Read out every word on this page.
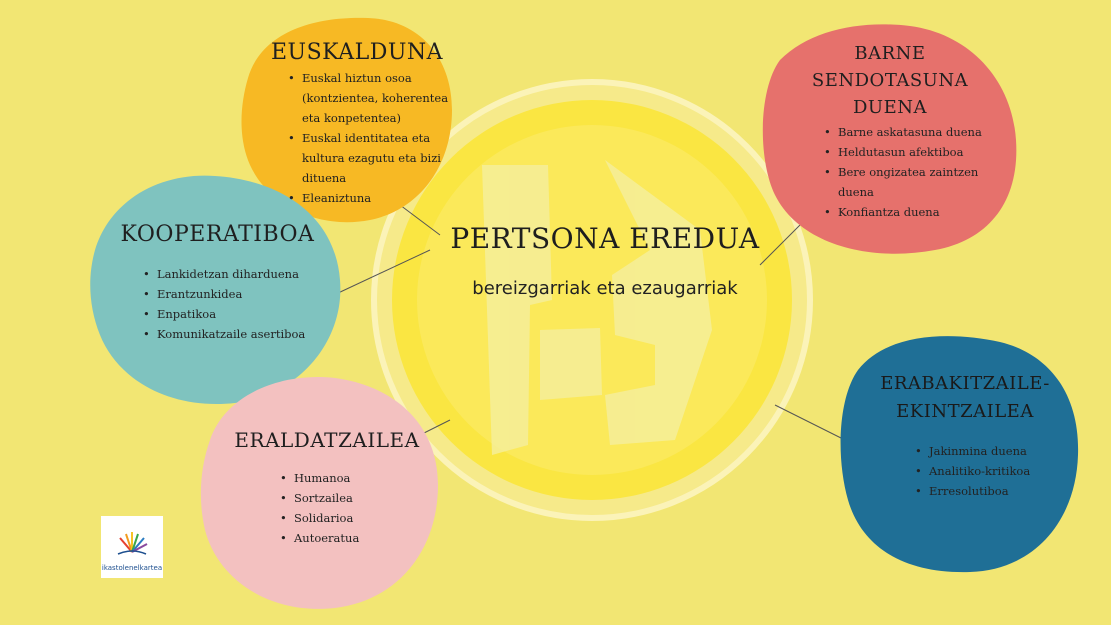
PERTSONA EREDUA
bereizgarriak eta ezaugarriak
EUSKALDUNA
• Euskal hiztun osoa
(kontzientea, koherentea
eta konpetentea)
• Euskal identitatea eta
kultura ezagutu eta bizi
dituena
• Eleaniztuna
KOOPERATIBOA
• Lankidetzan diharduena
• Erantzunkidea
• Enpatikoa
• Komunikatzaile asertiboa
ERALDATZAILEA
• Humanoa
• Sortzailea
• Solidarioa
• Autoeratua
BARNE
SENDOTASUNA
DUENA
• Barne askatasuna duena
• Heldutasun afektiboa
• Bere ongizatea zaintzen
duena
• Konfiantza duena
ERABAKITZAILE-
EKINTZAILEA
• Jakinmina duena
• Analitiko-kritikoa
• Erresolutiboa
ikastolenelkartea
